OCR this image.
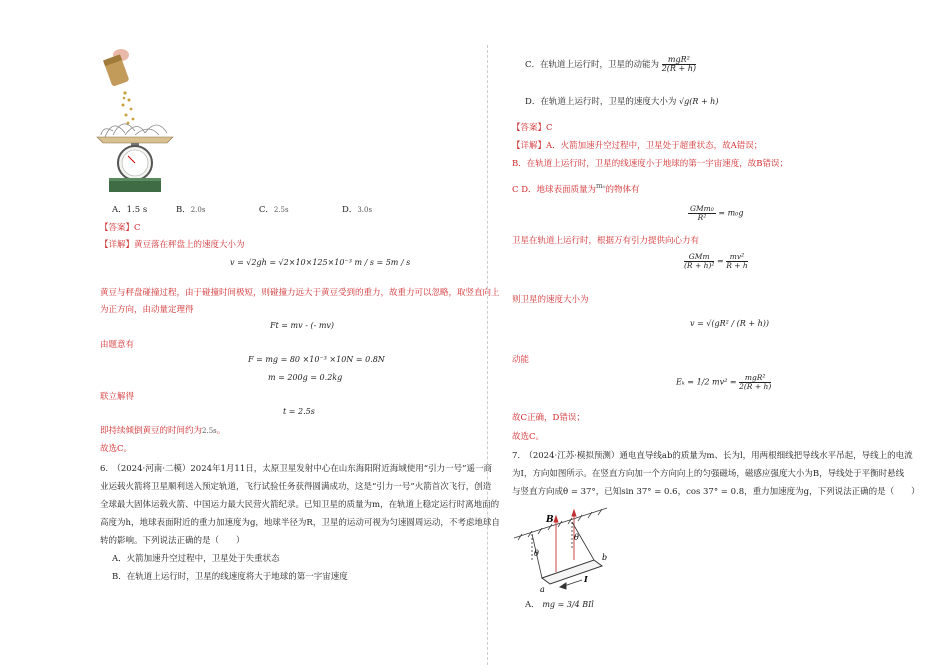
A．1.5 s	B．2.0s	C．2.5s	D．3.0s
【答案】C
【详解】黄豆落在秤盘上的速度大小为
v = √2gh = √2×10×125×10⁻³ m / s = 5m / s
黄豆与秤盘碰撞过程，由于碰撞时间极短，则碰撞力远大于黄豆受到的重力，故重力可以忽略，取竖直向上
为正方向，由动量定理得
Ft = mv - (- mv)
由题意有
F = mg = 80 ×10⁻³ ×10N = 0.8N
m = 200g = 0.2kg
联立解得
t = 2.5s
即持续倾倒黄豆的时间约为2.5s。
故选C。
6.　（2024·河南·二模）2024年1月11日，太原卫星发射中心在山东海阳附近海域使用“引力一号”遥一商
业运载火箭将卫星顺利送入预定轨道，飞行试验任务获得圆满成功，这是“引力一号”火箭首次飞行，创造
全球最大固体运载火箭、中国运力最大民营火箭纪录。已知卫星的质量为m，在轨道上稳定运行时离地面的
高度为h，地球表面附近的重力加速度为g，地球半径为R，卫星的运动可视为匀速圆周运动，不考虑地球自
转的影响。下列说法正确的是（　　）
A．火箭加速升空过程中，卫星处于失重状态
B．在轨道上运行时，卫星的线速度将大于地球的第一宇宙速度
C．在轨道上运行时，卫星的动能为 $\frac{\text{mgR²}}{2(R + h)}$
D．在轨道上运行时，卫星的速度大小为 √g(R + h)
【答案】C
【详解】A．火箭加速升空过程中，卫星处于超重状态，故A错误；
B．在轨道上运行时，卫星的线速度小于地球的第一宇宙速度，故B错误；
C D．地球表面质量为$^{m_0}$的物体有
$\frac{\text{GMm₀}}{\text{R²}} = m_0g$
卫星在轨道上运行时，根据万有引力提供向心力有
$\frac{\text{GMm}}{\text{(R + h)²}} = \frac{\text{mv²}}{R + h}$
则卫星的速度大小为
v = √(gR² / (R + h))
动能
Eₖ = 1/2 $mv^2 = \frac{\text{mgR²}}{2(R + h)}$
故C正确，D错误；
故选C。
7.　（2024·江苏·模拟预测）通电直导线ab的质量为m、长为l，用两根细线把导线水平吊起，导线上的电流
为I，方向如图所示。在竖直方向加一个方向向上的匀强磁场，磁感应强度大小为B，导线处于平衡时悬线
与竖直方向成θ = 37°，已知sin 37° = 0.6，cos 37° = 0.8，重力加速度为g，下列说法正确的是（　　）
B
θ
θ
a
b
I
A． mg = 3/4 BIl
